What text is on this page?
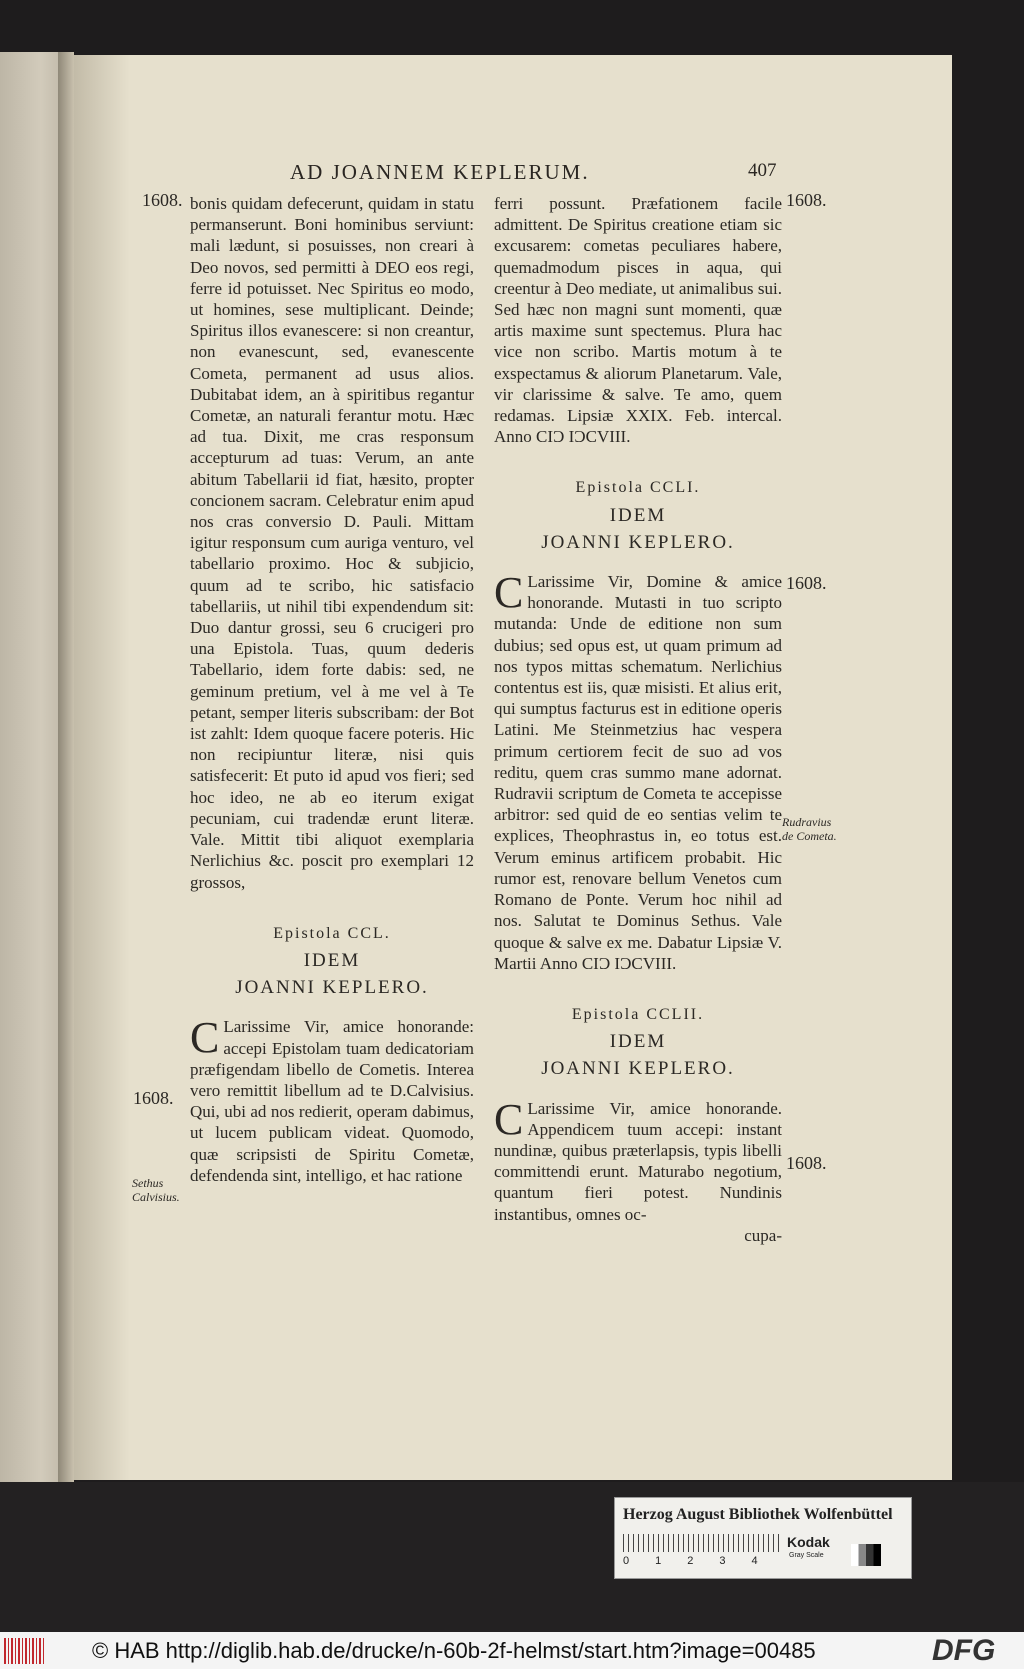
AD JOANNEM KEPLERUM.	407
1608.	1608.
1608.
1608.
1608.
Rudravius
de Cometa.
Sethus
Calvisius.

bonis quidam defecerunt, quidam in statu permanserunt. Boni hominibus serviunt: mali lædunt, si posuisses, non creari à Deo novos, sed permitti à DEO eos regi, ferre id potuisset. Nec Spiritus eo modo, ut homines, sese multiplicant. Deinde; Spiritus illos evanescere: si non creantur, non evanescunt, sed, evanescente Cometa, permanent ad usus alios. Dubitabat idem, an à spiritibus regantur Cometæ, an naturali ferantur motu. Hæc ad tua. Dixit, me cras responsum accepturum ad tuas: Verum, an ante abitum Tabellarii id fiat, hæsito, propter concionem sacram. Celebratur enim apud nos cras conversio D. Pauli. Mittam igitur responsum cum auriga venturo, vel tabellario proximo. Hoc & subjicio, quum ad te scribo, hic satisfacio tabellariis, ut nihil tibi expendendum sit: Duo dantur grossi, seu 6 crucigeri pro una Epistola. Tuas, quum dederis Tabellario, idem forte dabis: sed, ne geminum pretium, vel à me vel à Te petant, semper literis subscribam: der Bot ist zahlt: Idem quoque facere poteris. Hic non recipiuntur literæ, nisi quis satisfecerit: Et puto id apud vos fieri; sed hoc ideo, ne ab eo iterum exigat pecuniam, cui tradendæ erunt literæ. Vale. Mittit tibi aliquot exemplaria Nerlichius &c. poscit pro exemplari 12 grossos,

Epistola CCL.
IDEM
JOANNI KEPLERO.

C Larissime Vir, amice honorande: accepi Epistolam tuam dedicatoriam præfigendam libello de Cometis. Interea vero remittit libellum ad te D.Calvisius. Qui, ubi ad nos redierit, operam dabimus, ut lucem publicam videat. Quomodo, quæ scripsisti de Spiritu Cometæ, defendenda sint, intelligo, et hac ratione

ferri possunt. Præfationem facile admittent. De Spiritus creatione etiam sic excusarem: cometas peculiares habere, quemadmodum pisces in aqua, qui creentur à Deo mediate, ut animalibus sui. Sed hæc non magni sunt momenti, quæ artis maxime sunt spectemus. Plura hac vice non scribo. Martis motum à te exspectamus & aliorum Planetarum. Vale, vir clarissime & salve. Te amo, quem redamas. Lipsiæ XXIX. Feb. intercal. Anno CIƆ IƆCVIII.

Epistola CCLI.
IDEM
JOANNI KEPLERO.

C Larissime Vir, Domine & amice honorande. Mutasti in tuo scripto mutanda: Unde de editione non sum dubius; sed opus est, ut quam primum ad nos typos mittas schematum. Nerlichius contentus est iis, quæ misisti. Et alius erit, qui sumptus facturus est in editione operis Latini. Me Steinmetzius hac vespera primum certiorem fecit de suo ad vos reditu, quem cras summo mane adornat. Rudravii scriptum de Cometa te accepisse arbitror: sed quid de eo sentias velim te explices, Theophrastus in, eo totus est. Verum eminus artificem probabit. Hic rumor est, renovare bellum Venetos cum Romano de Ponte. Verum hoc nihil ad nos. Salutat te Dominus Sethus. Vale quoque & salve ex me. Dabatur Lipsiæ V. Martii Anno CIƆ IƆCVIII.

Epistola CCLII.
IDEM
JOANNI KEPLERO.

C Larissime Vir, amice honorande. Appendicem tuum accepi: instant nundinæ, quibus præterlapsis, typis libelli committendi erunt. Maturabo negotium, quantum fieri potest. Nundinis instantibus, omnes oc-

cupa-

Herzog August Bibliothek Wolfenbüttel
01234
Kodak
Gray Scale
© HAB http://diglib.hab.de/drucke/n-60b-2f-helmst/start.htm?image=00485	DFG
